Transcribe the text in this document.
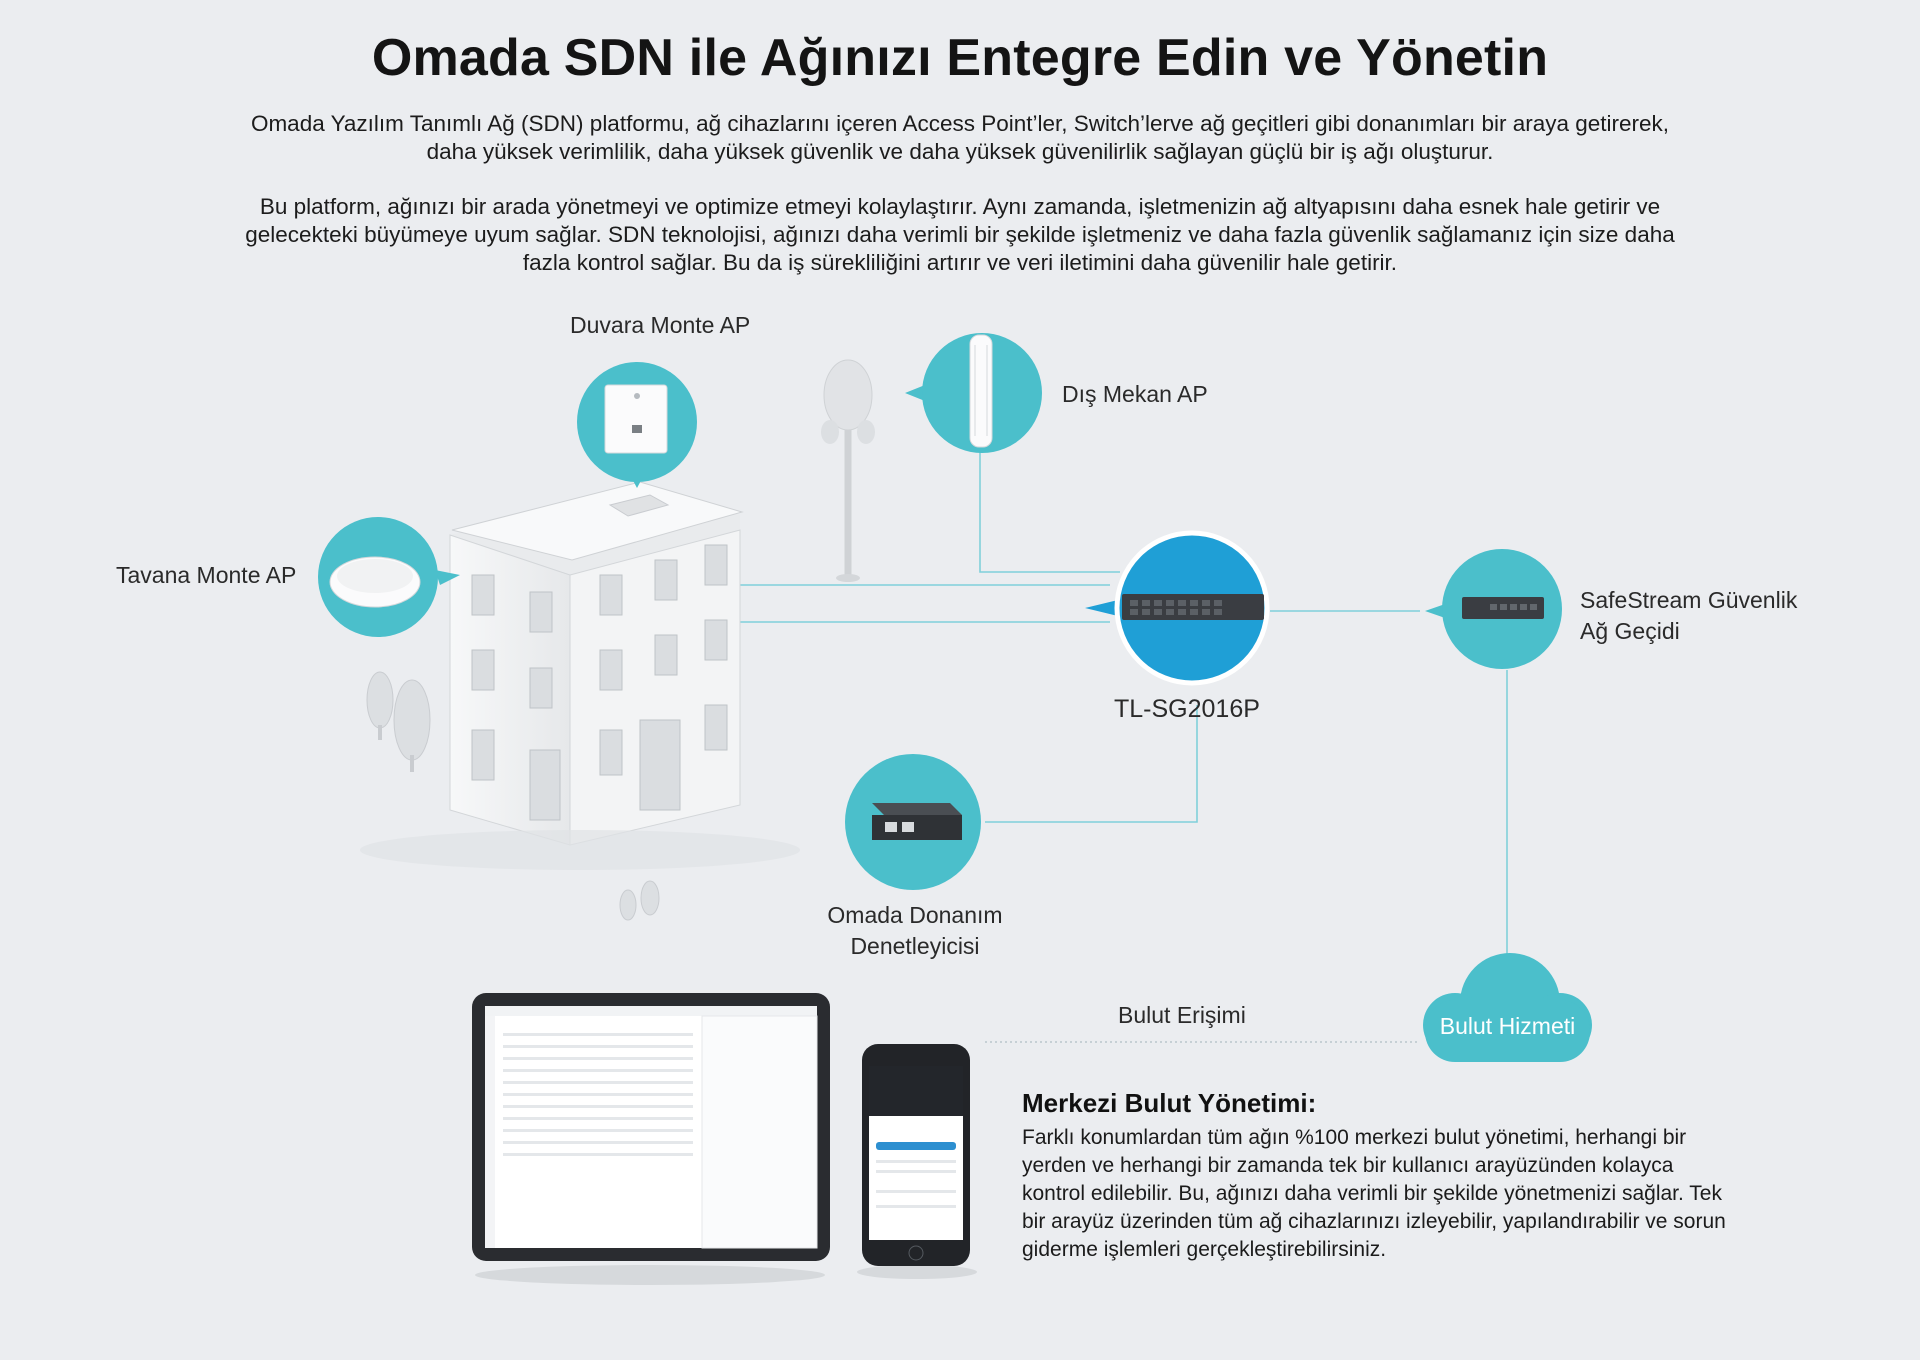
Omada SDN ile Ağınızı Entegre Edin ve Yönetin
Omada Yazılım Tanımlı Ağ (SDN) platformu, ağ cihazlarını içeren Access Point’ler, Switch’lerve ağ geçitleri gibi donanımları bir araya getirerek, daha yüksek verimlilik, daha yüksek güvenlik ve daha yüksek güvenilirlik sağlayan güçlü bir iş ağı oluşturur.
Bu platform, ağınızı bir arada yönetmeyi ve optimize etmeyi kolaylaştırır. Aynı zamanda, işletmenizin ağ altyapısını daha esnek hale getirir ve gelecekteki büyümeye uyum sağlar. SDN teknolojisi, ağınızı daha verimli bir şekilde işletmeniz ve daha fazla güvenlik sağlamanız için size daha fazla kontrol sağlar. Bu da iş sürekliliğini artırır ve veri iletimini daha güvenilir hale getirir.
Duvara Monte AP
Dış Mekan AP
Tavana Monte AP
TL-SG2016P
SafeStream Güvenlik
Ağ Geçidi
Omada Donanım
Denetleyicisi
Bulut Erişimi	Bulut Hizmeti
Merkezi Bulut Yönetimi:
Farklı konumlardan tüm ağın %100 merkezi bulut yönetimi, herhangi bir yerden ve herhangi bir zamanda tek bir kullanıcı arayüzünden kolayca kontrol edilebilir. Bu, ağınızı daha verimli bir şekilde yönetmenizi sağlar. Tek bir arayüz üzerinden tüm ağ cihazlarınızı izleyebilir, yapılandırabilir ve sorun giderme işlemleri gerçekleştirebilirsiniz.
